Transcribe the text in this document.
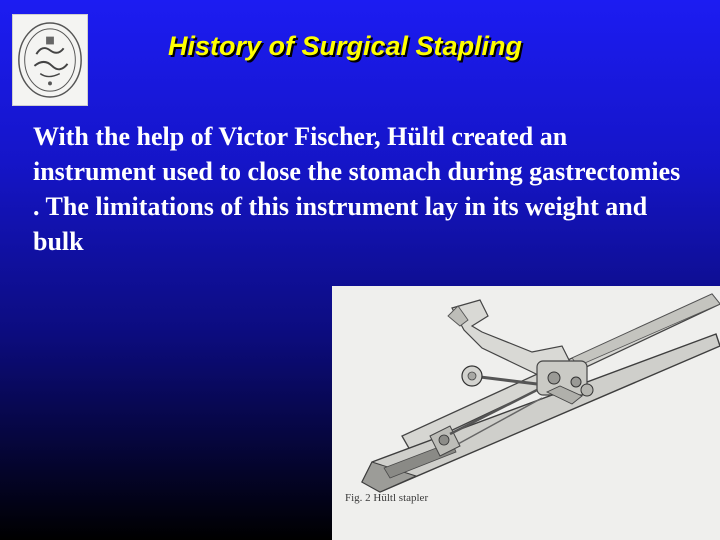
History of Surgical Stapling

With the help of Victor Fischer, Hültl created an instrument used to close the stomach during gastrectomies . The limitations of this instrument lay in its weight and bulk

Fig. 2 Hültl stapler
